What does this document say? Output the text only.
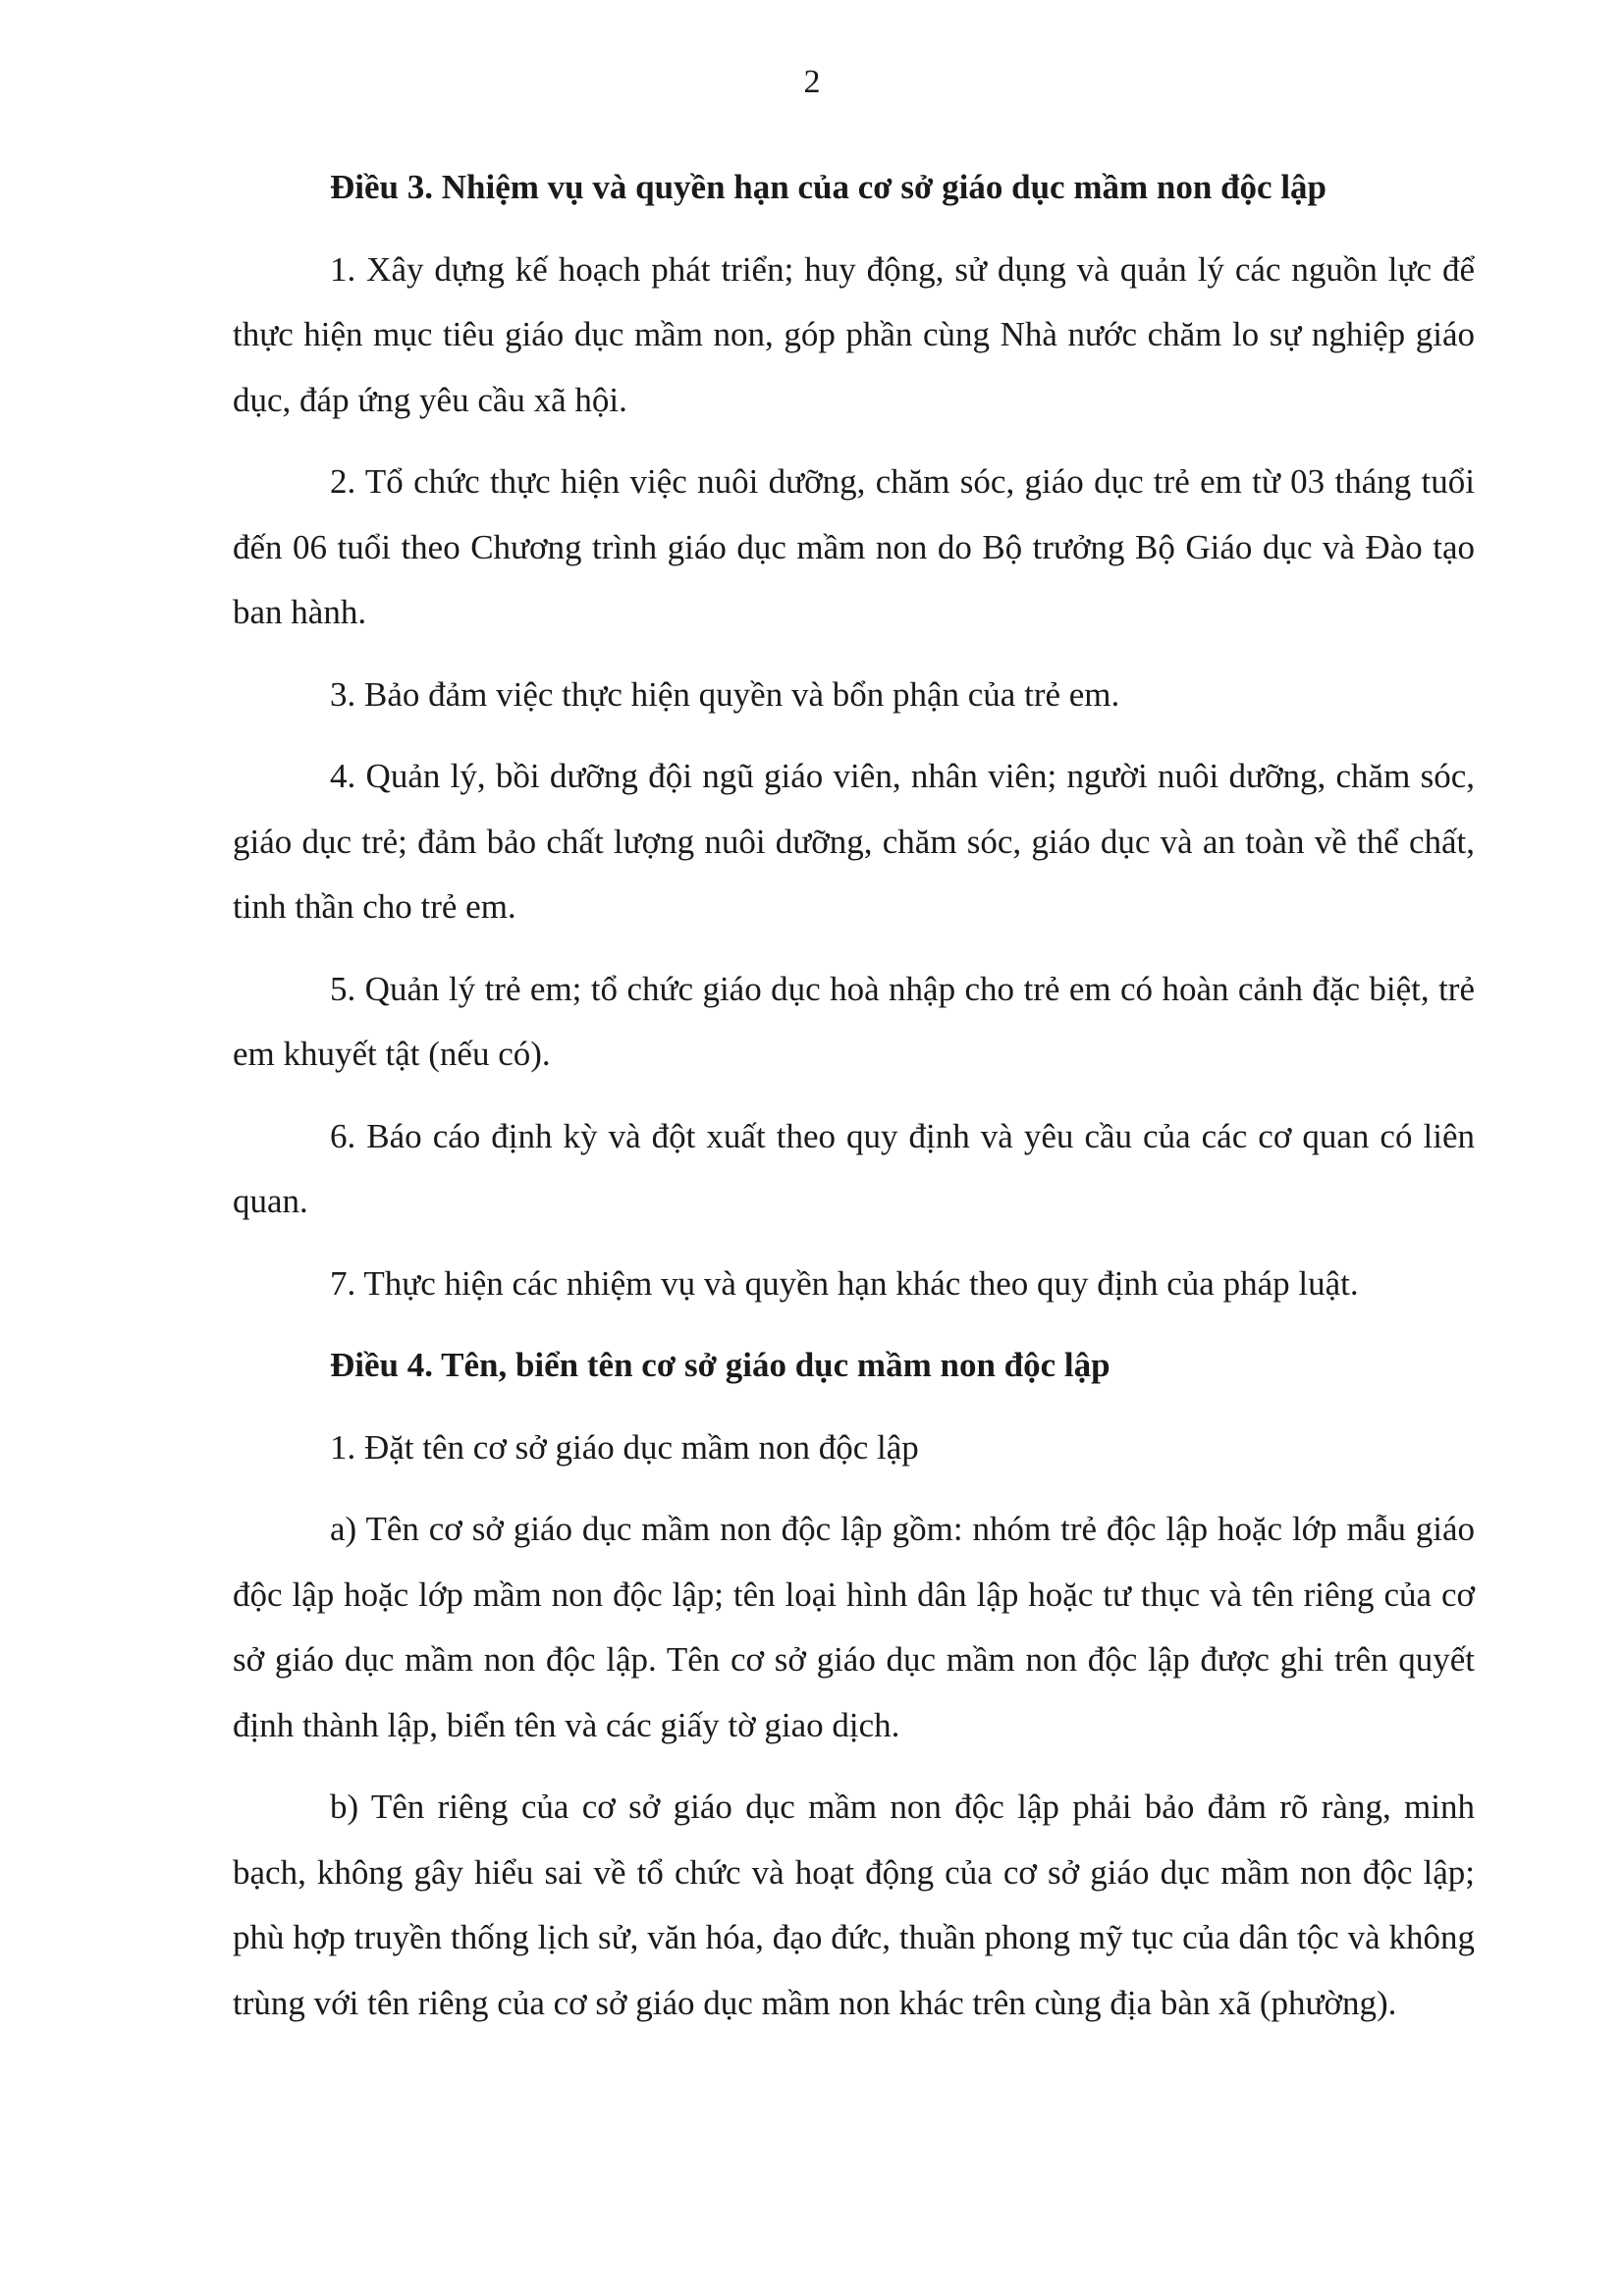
2
Điều 3. Nhiệm vụ và quyền hạn của cơ sở giáo dục mầm non độc lập

1. Xây dựng kế hoạch phát triển; huy động, sử dụng và quản lý các nguồn lực để thực hiện mục tiêu giáo dục mầm non, góp phần cùng Nhà nước chăm lo sự nghiệp giáo dục, đáp ứng yêu cầu xã hội.

2. Tổ chức thực hiện việc nuôi dưỡng, chăm sóc, giáo dục trẻ em từ 03 tháng tuổi đến 06 tuổi theo Chương trình giáo dục mầm non do Bộ trưởng Bộ Giáo dục và Đào tạo ban hành.

3. Bảo đảm việc thực hiện quyền và bổn phận của trẻ em.

4. Quản lý, bồi dưỡng đội ngũ giáo viên, nhân viên; người nuôi dưỡng, chăm sóc, giáo dục trẻ; đảm bảo chất lượng nuôi dưỡng, chăm sóc, giáo dục và an toàn về thể chất, tinh thần cho trẻ em.

5. Quản lý trẻ em; tổ chức giáo dục hoà nhập cho trẻ em có hoàn cảnh đặc biệt, trẻ em khuyết tật (nếu có).

6. Báo cáo định kỳ và đột xuất theo quy định và yêu cầu của các cơ quan có liên quan.

7. Thực hiện các nhiệm vụ và quyền hạn khác theo quy định của pháp luật.

Điều 4. Tên, biển tên cơ sở giáo dục mầm non độc lập

1. Đặt tên cơ sở giáo dục mầm non độc lập

a) Tên cơ sở giáo dục mầm non độc lập gồm: nhóm trẻ độc lập hoặc lớp mẫu giáo độc lập hoặc lớp mầm non độc lập; tên loại hình dân lập hoặc tư thục và tên riêng của cơ sở giáo dục mầm non độc lập. Tên cơ sở giáo dục mầm non độc lập được ghi trên quyết định thành lập, biển tên và các giấy tờ giao dịch.

b) Tên riêng của cơ sở giáo dục mầm non độc lập phải bảo đảm rõ ràng, minh bạch, không gây hiểu sai về tổ chức và hoạt động của cơ sở giáo dục mầm non độc lập; phù hợp truyền thống lịch sử, văn hóa, đạo đức, thuần phong mỹ tục của dân tộc và không trùng với tên riêng của cơ sở giáo dục mầm non khác trên cùng địa bàn xã (phường).
